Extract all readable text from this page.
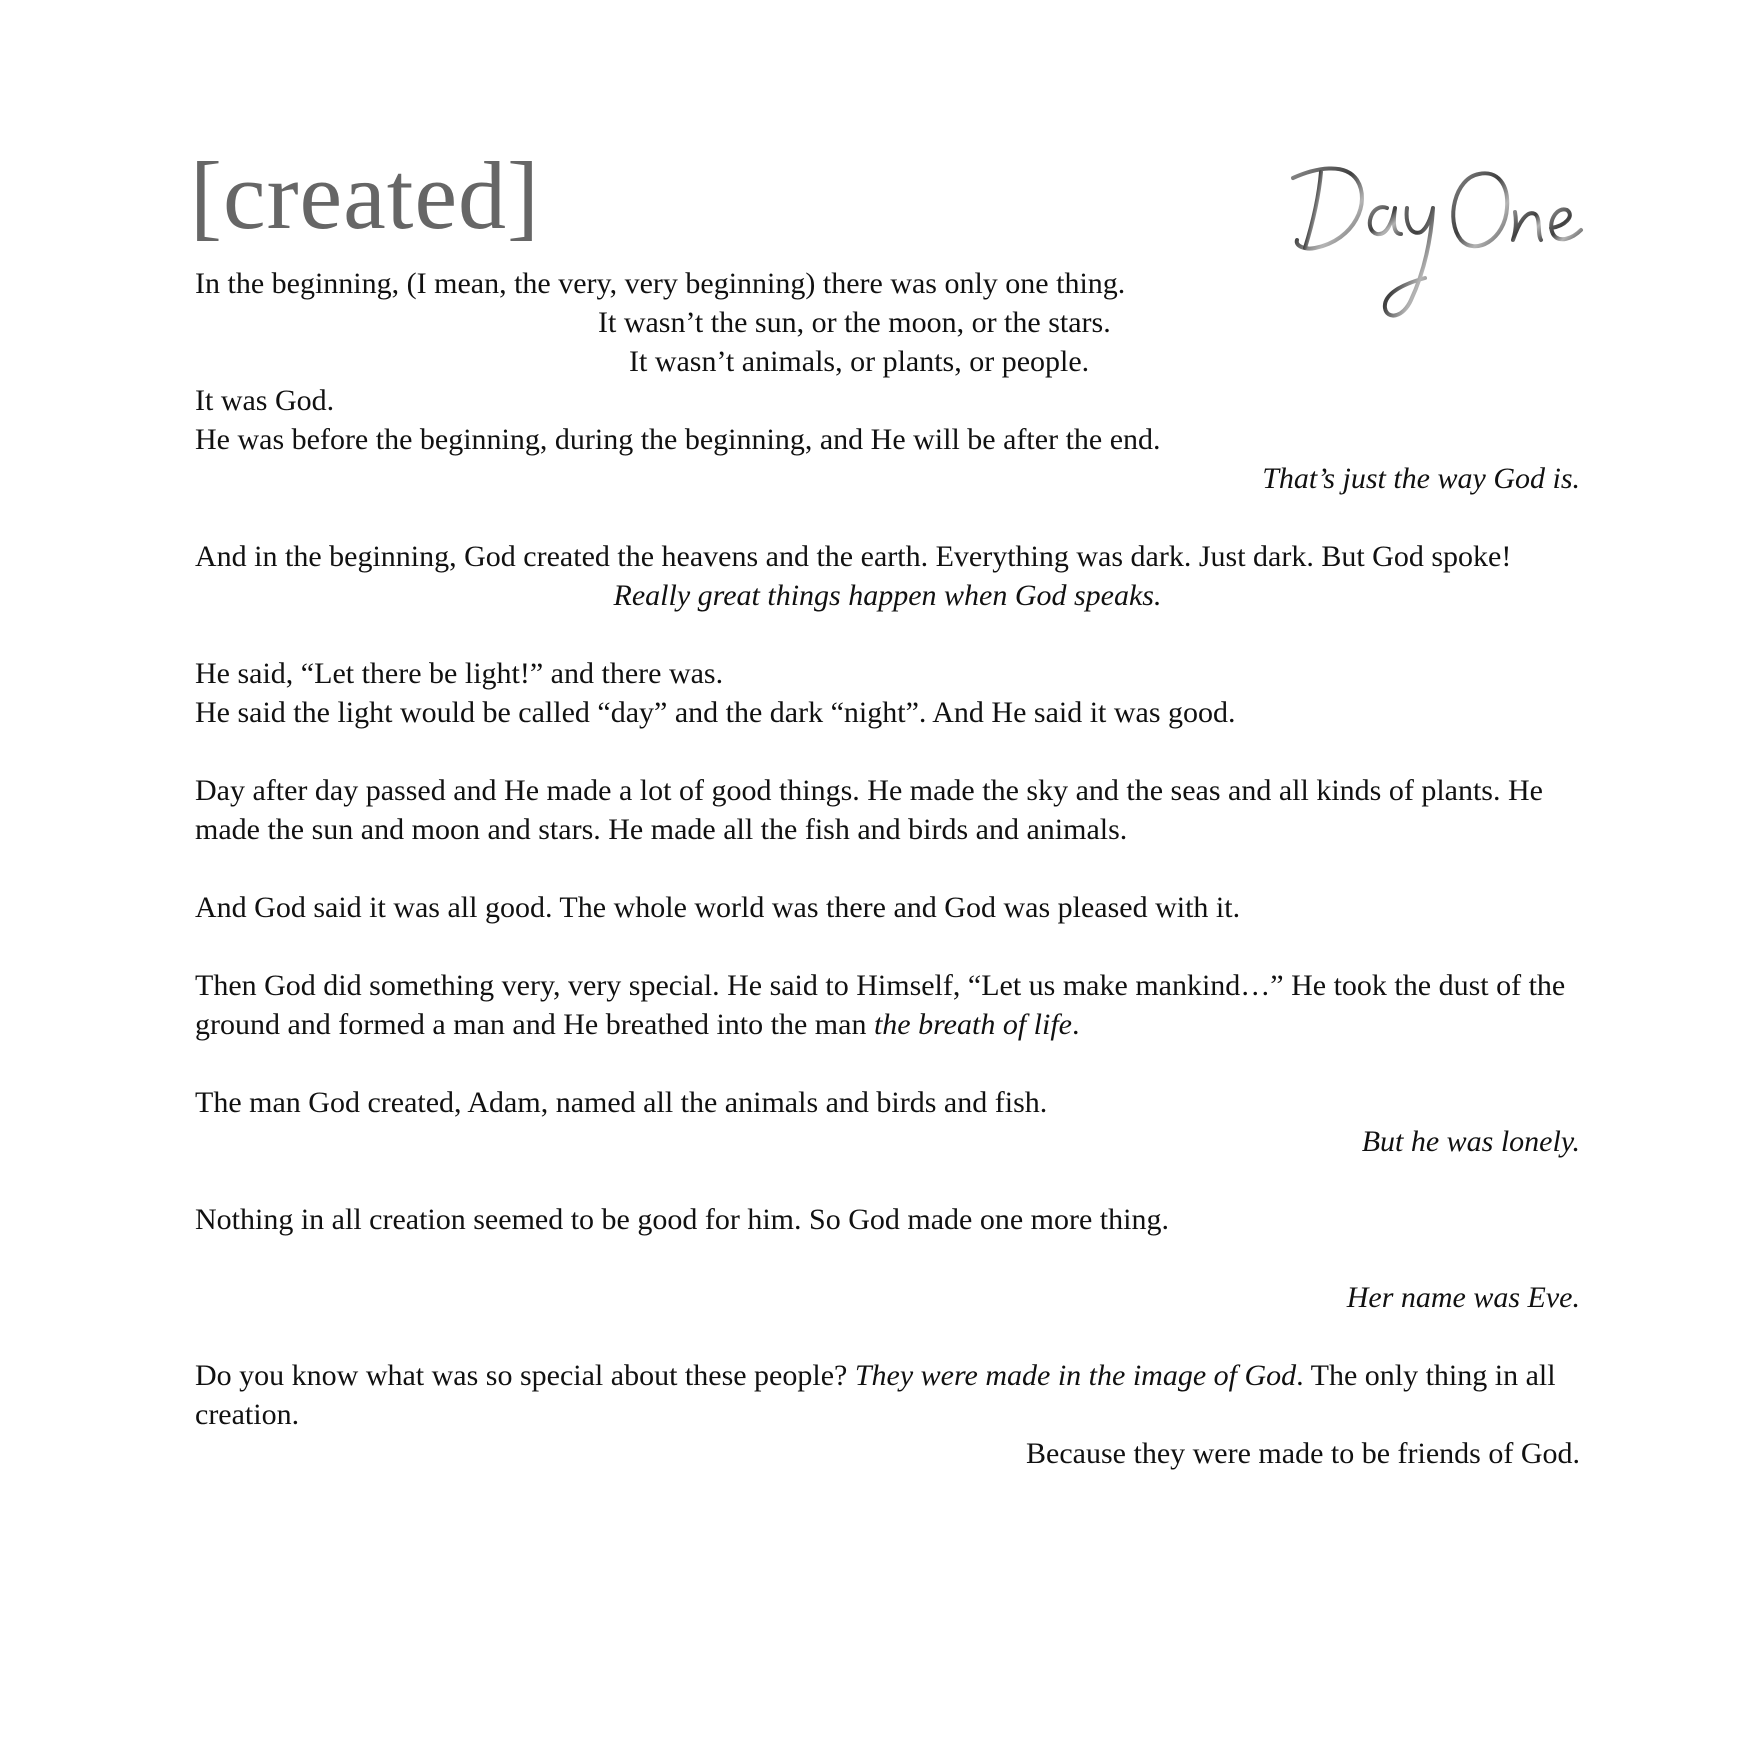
[created]
In the beginning, (I mean, the very, very beginning) there was only one thing.
It wasn’t the sun, or the moon, or the stars.
It wasn’t animals, or plants, or people.
It was God.
He was before the beginning, during the beginning, and He will be after the end.
That’s just the way God is.
And in the beginning, God created the heavens and the earth. Everything was dark. Just dark. But God spoke!
Really great things happen when God speaks.
He said, “Let there be light!” and there was.
He said the light would be called “day” and the dark “night”. And He said it was good.
Day after day passed and He made a lot of good things. He made the sky and the seas and all kinds of plants. He made the sun and moon and stars. He made all the fish and birds and animals.
And God said it was all good. The whole world was there and God was pleased with it.
Then God did something very, very special. He said to Himself, “Let us make mankind…” He took the dust of the ground and formed a man and He breathed into the man the breath of life.
The man God created, Adam, named all the animals and birds and fish.
But he was lonely.
Nothing in all creation seemed to be good for him. So God made one more thing.
Her name was Eve.
Do you know what was so special about these people? They were made in the image of God. The only thing in all creation.
Because they were made to be friends of God.
